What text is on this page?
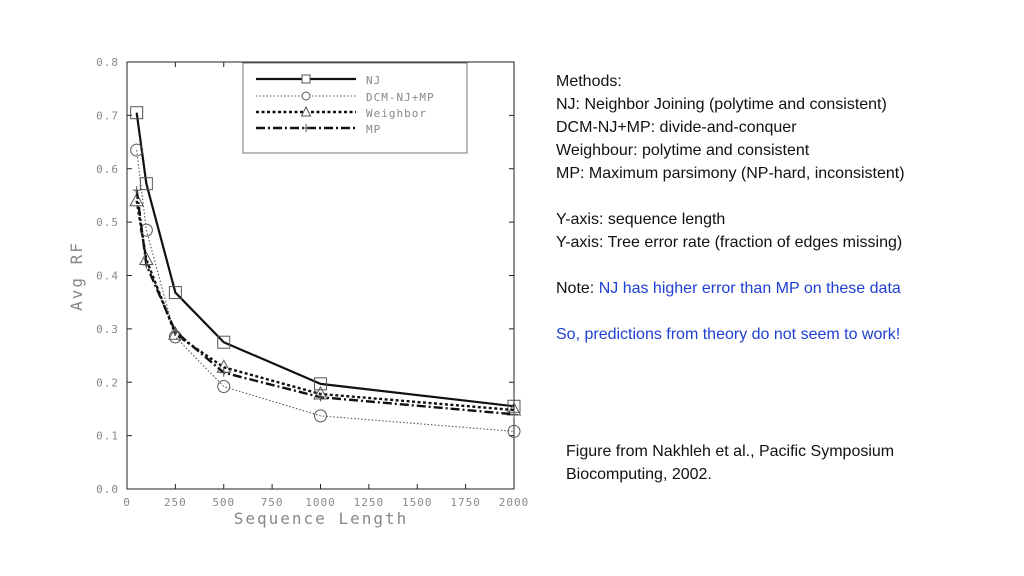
0	250 500 750 1000 1250 1500 1750 2000
0.0
0.1
0.2
0.3
0.4
0.5
0.6
0.7
0.8
Sequence Length
Avg RF
NJ
DCM-NJ+MP
Weighbor
MP
Methods:
NJ: Neighbor Joining (polytime and consistent)
DCM-NJ+MP: divide-and-conquer
Weighbour: polytime and consistent
MP: Maximum parsimony (NP-hard, inconsistent)
Y-axis: sequence length
Y-axis: Tree error rate (fraction of edges missing)
Note: NJ has higher error than MP on these data
So, predictions from theory do not seem to work!
Figure from Nakhleh et al., Pacific Symposium
Biocomputing, 2002.
